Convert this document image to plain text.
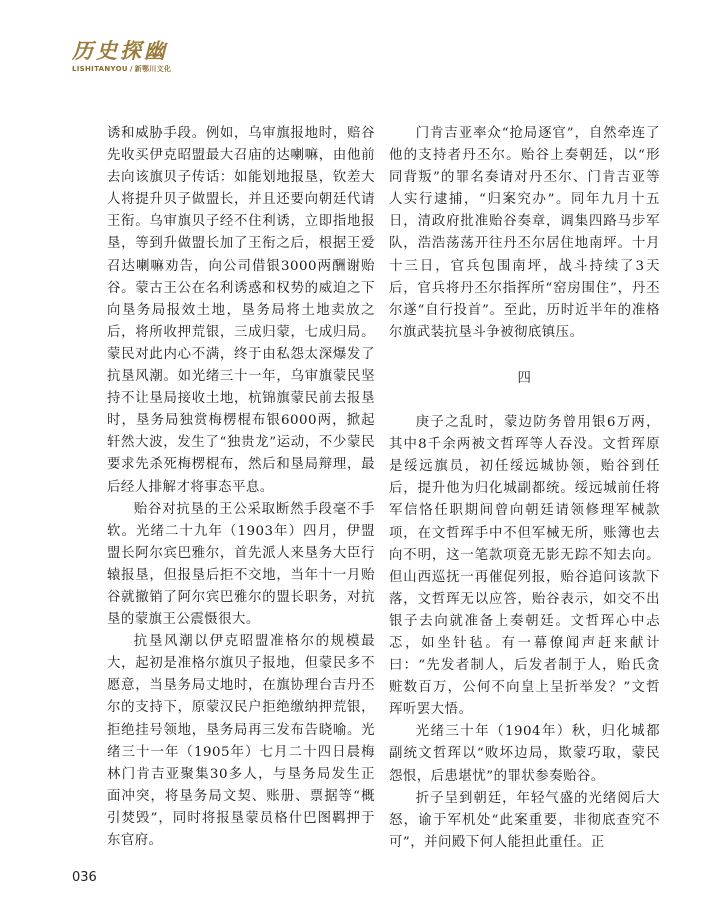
历史探幽
LISHITANYOU / 新鄂川文化

诱和威胁手段。例如，乌审旗报地时，赔谷先收买伊克昭盟最大召庙的达喇嘛，由他前去向该旗贝子传话：如能划地报垦，钦差大人将提升贝子做盟长，并且还要向朝廷代请王衔。乌审旗贝子经不住利诱，立即指地报垦，等到升做盟长加了王衔之后，根据王爱召达喇嘛劝告，向公司借银3000两酬谢贻谷。蒙古王公在名利诱惑和权势的威迫之下向垦务局报效土地，垦务局将土地卖放之后，将所收押荒银，三成归蒙，七成归局。蒙民对此内心不满，终于由私怨太深爆发了抗垦风潮。如光绪三十一年，乌审旗蒙民坚持不让垦局接收土地，杭锦旗蒙民前去报垦时，垦务局独赏梅楞棍布银6000两，掀起轩然大波，发生了“独贵龙”运动，不少蒙民要求先杀死梅楞棍布，然后和垦局辩理，最后经人排解才将事态平息。

贻谷对抗垦的王公采取断然手段毫不手软。光绪二十九年（1903年）四月，伊盟盟长阿尔宾巴雅尔，首先派人来垦务大臣行辕报垦，但报垦后拒不交地，当年十一月贻谷就撤销了阿尔宾巴雅尔的盟长职务，对抗垦的蒙旗王公震慑很大。

抗垦风潮以伊克昭盟准格尔的规模最大，起初是准格尔旗贝子报地，但蒙民多不愿意，当垦务局丈地时，在旗协理台吉丹丕尔的支持下，原蒙汉民户拒绝缴纳押荒银，拒绝挂号领地，垦务局再三发布告晓喻。光绪三十一年（1905年）七月二十四日晨梅林门肯吉亚聚集30多人，与垦务局发生正面冲突，将垦务局文契、账册、票据等“概引焚毁”，同时将报垦蒙员格什巴图羁押于东官府。

门肯吉亚率众“抢局逐官”，自然牵连了他的支持者丹丕尔。贻谷上奏朝廷，以“形同背叛”的罪名奏请对丹丕尔、门肯吉亚等人实行逮捕，“归案究办”。同年九月十五日，清政府批准贻谷奏章，调集四路马步军队，浩浩荡荡开往丹丕尔居住地南坪。十月十三日，官兵包围南坪，战斗持续了3天后，官兵将丹丕尔指挥所“窑房围住”，丹丕尔遂“自行投首”。至此，历时近半年的准格尔旗武装抗垦斗争被彻底镇压。

四

庚子之乱时，蒙边防务曾用银6万两，其中8千余两被文哲珲等人吞没。文哲珲原是绥远旗员，初任绥远城协领，贻谷到任后，提升他为归化城副都统。绥远城前任将军信恪任职期间曾向朝廷请领修理军械款项，在文哲珲手中不但军械无所，账簿也去向不明，这一笔款项竟无影无踪不知去向。但山西巡抚一再催促列报，贻谷追问该款下落，文哲珲无以应答，贻谷表示，如交不出银子去向就准备上奏朝廷。文哲珲心中忐忑，如坐针毡。有一幕僚闻声赶来献计曰：“先发者制人，后发者制于人，贻氏贪赃数百万，公何不向皇上呈折举发？”文哲珲听罢大悟。

光绪三十年（1904年）秋，归化城都副统文哲珲以“败坏边局，欺蒙巧取，蒙民怨恨，后患堪忧”的罪状参奏贻谷。

折子呈到朝廷，年轻气盛的光绪阅后大怒，谕于军机处“此案重要，非彻底查究不可”，并问殿下何人能担此重任。正

036
